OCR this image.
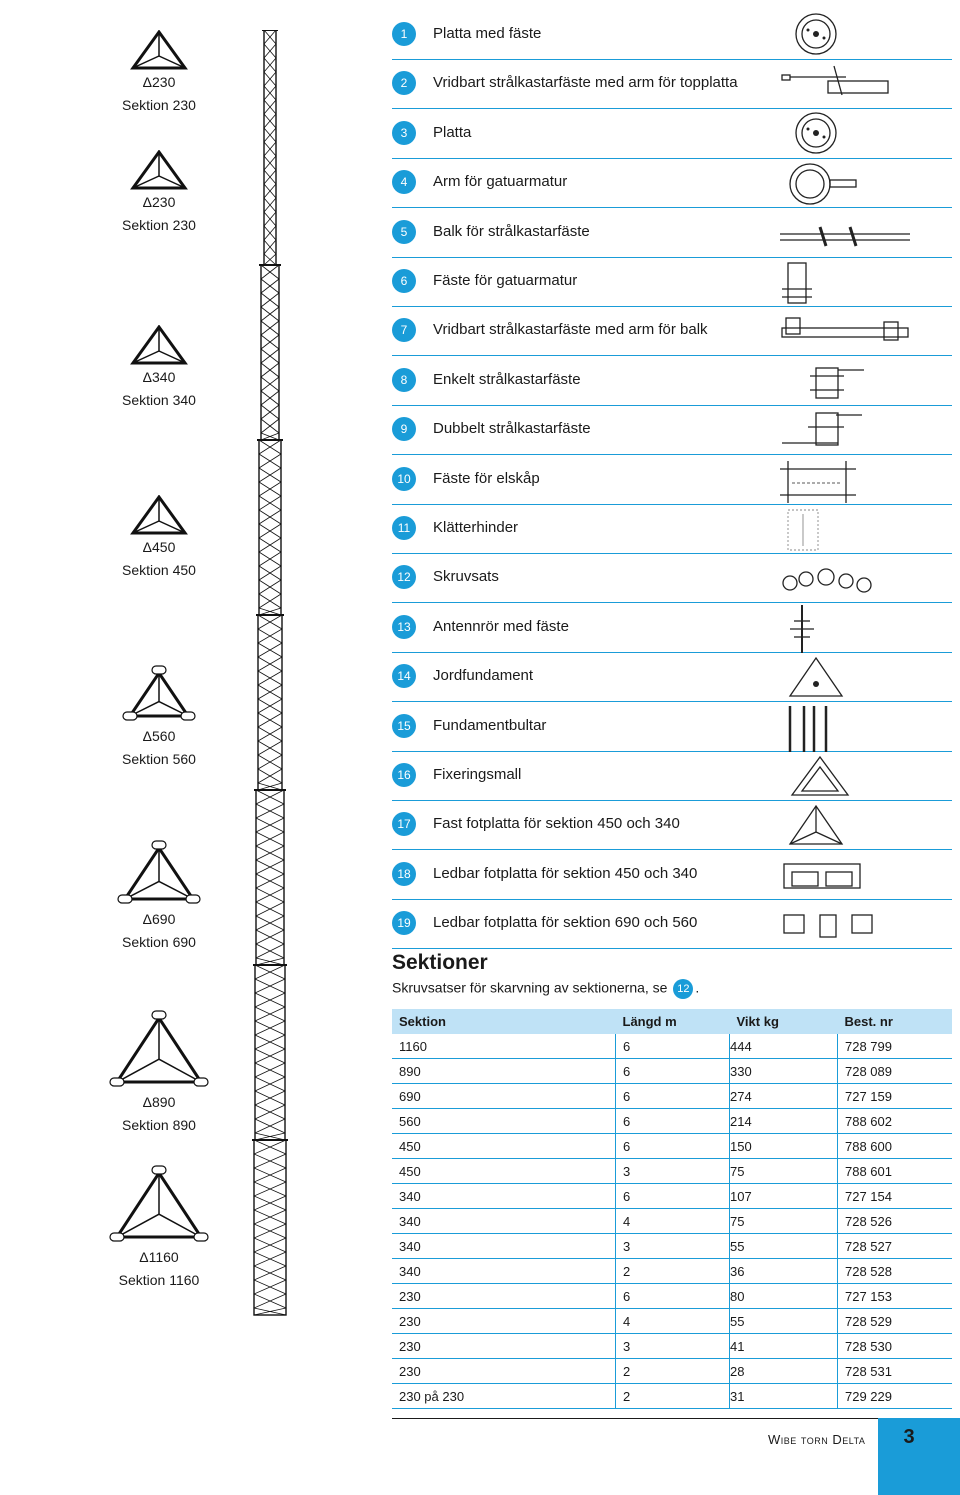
Δ230
Sektion 230
Δ230
Sektion 230
Δ340
Sektion 340
Δ450
Sektion 450
Δ560
Sektion 560
Δ690
Sektion 690
Δ890
Sektion 890
Δ1160
Sektion 1160
1	Platta med fäste
2	Vridbart strålkastarfäste med arm för topplatta
3	Platta
4	Arm för gatuarmatur
5	Balk för strålkastarfäste
6	Fäste för gatuarmatur
7	Vridbart strålkastarfäste med arm för balk
8	Enkelt strålkastarfäste
9	Dubbelt strålkastarfäste
10	Fäste för elskåp
11	Klätterhinder
12	Skruvsats
13	Antennrör med fäste
14	Jordfundament
15	Fundamentbultar
16	Fixeringsmall
17	Fast fotplatta för sektion 450 och 340
18	Ledbar fotplatta för sektion 450 och 340
19	Ledbar fotplatta för sektion 690 och 560
Sektioner
Skruvsatser för skarvning av sektionerna, se 12 .
Sektion	Längd m	Vikt kg	Best. nr
1160	6	444	728 799
890	6	330	728 089
690	6	274	727 159
560	6	214	788 602
450	6	150	788 600
450	3	75	788 601
340	6	107	727 154
340	4	75	728 526
340	3	55	728 527
340	2	36	728 528
230	6	80	727 153
230	4	55	728 529
230	3	41	728 530
230	2	28	728 531
230 på 230	2	31	729 229
Wibe torn Delta	3
